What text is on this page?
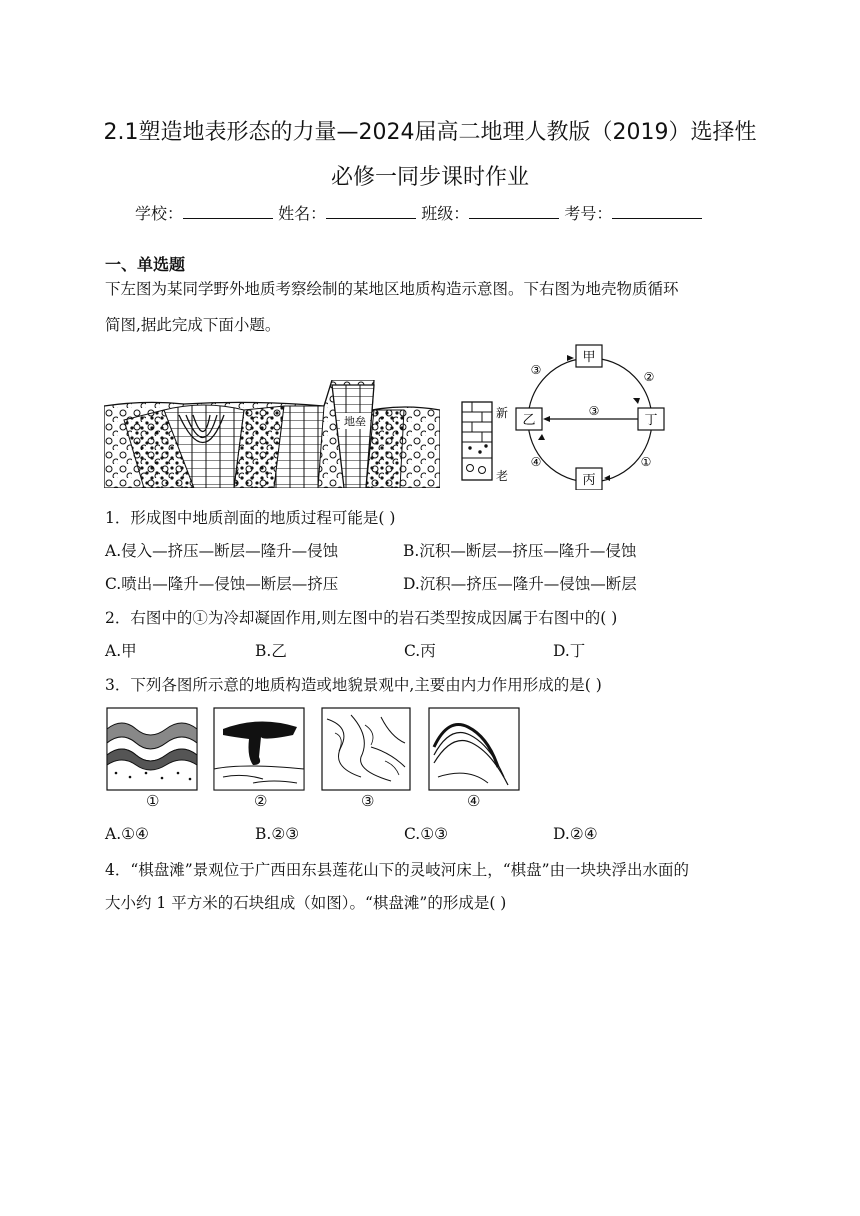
2.1塑造地表形态的力量—2024届高二地理人教版（2019）选择性
必修一同步课时作业
学校：	姓名：	班级：	考号：
一、单选题
下左图为某同学野外地质考察绘制的某地区地质构造示意图。下右图为地壳物质循环
简图,据此完成下面小题。
地垒
新
老
甲
乙	丁
丙
③	②
③
④	①
1．形成图中地质剖面的地质过程可能是( )
A.侵入—挤压—断层—隆升—侵蚀	B.沉积—断层—挤压—隆升—侵蚀
C.喷出—隆升—侵蚀—断层—挤压	D.沉积—挤压—隆升—侵蚀—断层
2．右图中的①为冷却凝固作用,则左图中的岩石类型按成因属于右图中的( )
A.甲	B.乙	C.丙	D.丁
3．下列各图所示意的地质构造或地貌景观中,主要由内力作用形成的是( )
①	②	③	④
A.①④	B.②③	C.①③	D.②④
4．“棋盘滩”景观位于广西田东县莲花山下的灵岐河床上，“棋盘”由一块块浮出水面的
大小约 1 平方米的石块组成（如图）。“棋盘滩”的形成是( )
